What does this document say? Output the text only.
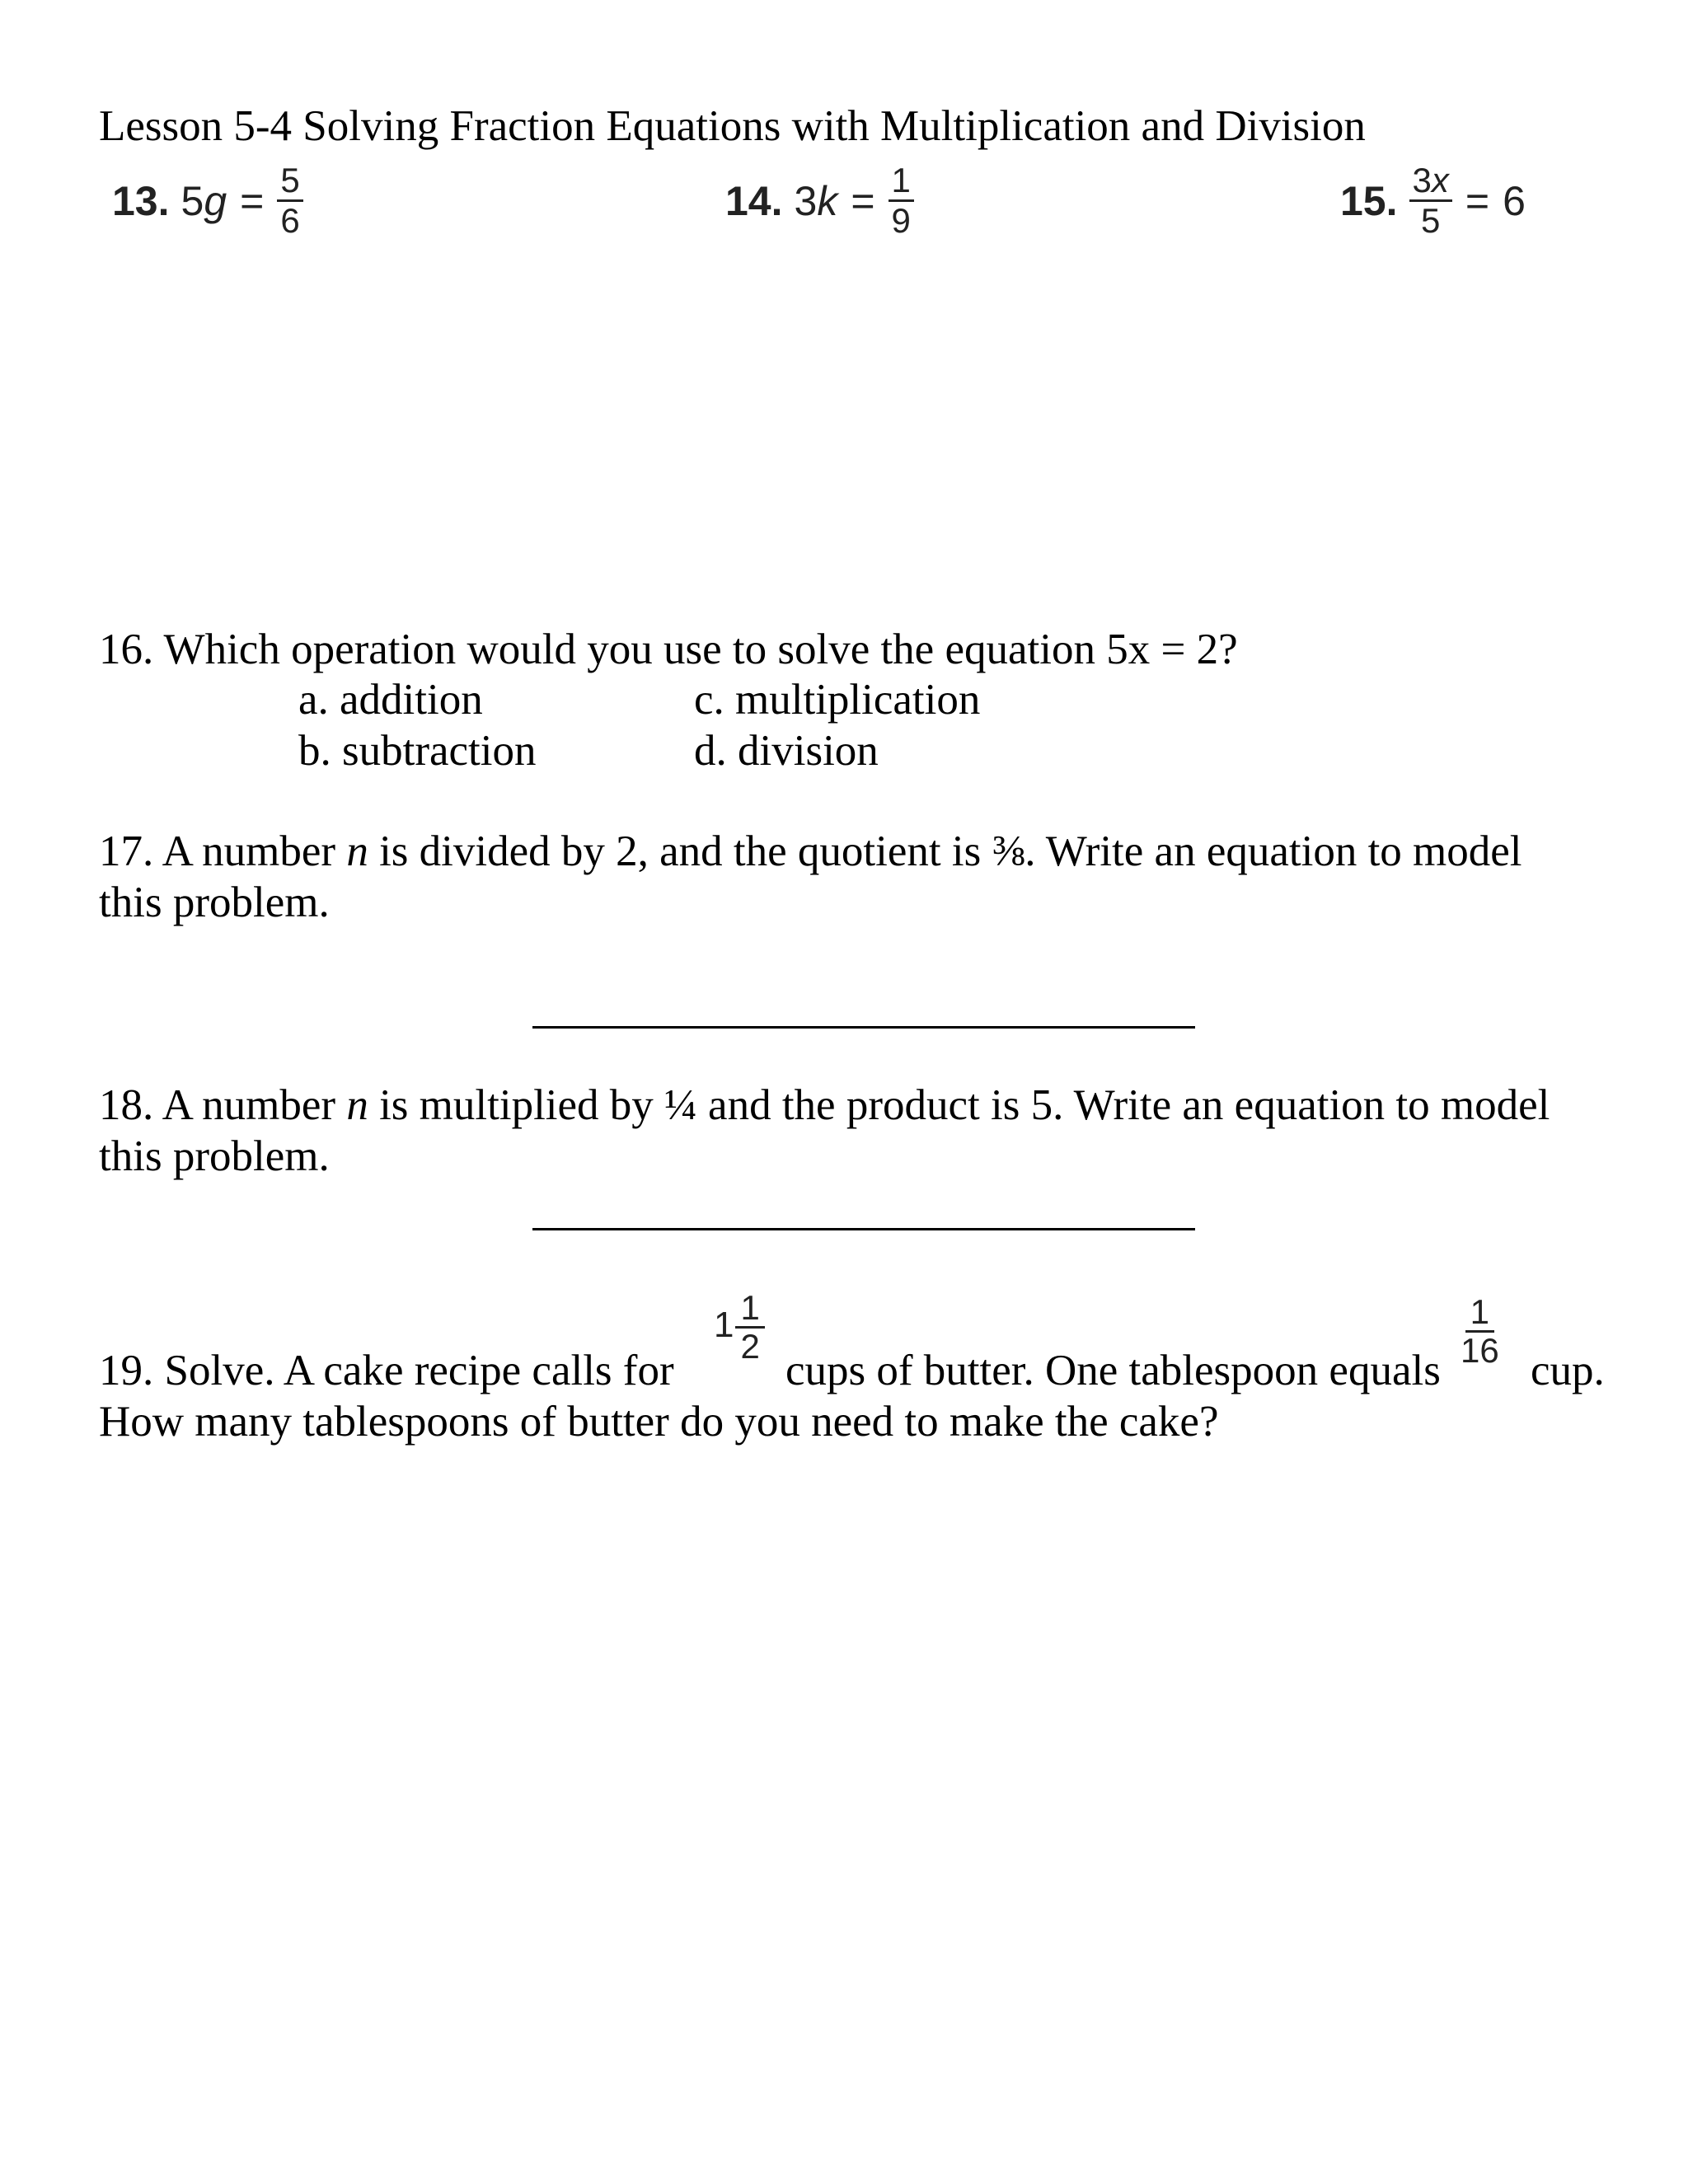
Lesson 5-4 Solving Fraction Equations with Multiplication and Division
13. 5 $g = \frac{5}{6}$	14. 3 $k = \frac{1}{9}$	15. $\frac{3x}{5} = 6$
16. Which operation would you use to solve the equation 5x = 2?
a. addition
b. subtraction
c. multiplication
d. division
17. A number n is divided by 2, and the quotient is ⅜. Write an equation to model
this problem.
18. A number n is multiplied by ¼ and the product is 5. Write an equation to model
this problem.
19. Solve. A cake recipe calls for
$1 \frac{1}{2}$
cups of butter. One tablespoon equals
$\frac{1}{16}$
cup.
How many tablespoons of butter do you need to make the cake?
